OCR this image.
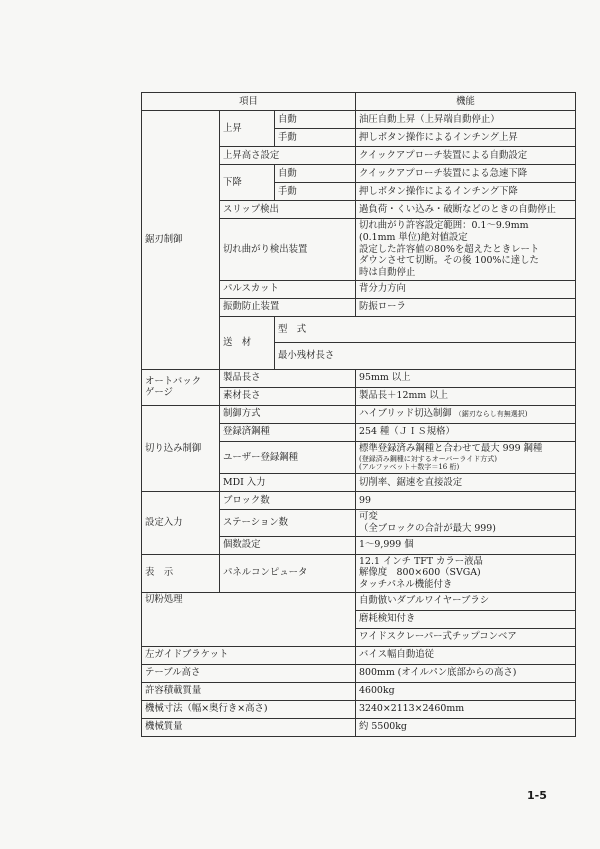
項目			機能	
鋸刃制御	上昇	自動	油圧自動上昇（上昇端自動停止）	
		手動	押しボタン操作によるインチング上昇	
	上昇高さ設定		クイックアプローチ装置による自動設定	
	下降	自動	クイックアプローチ装置による急速下降	
		手動	押しボタン操作によるインチング下降	
	スリップ検出		過負荷・くい込み・破断などのときの自動停止	
	切れ曲がり検出装置		切れ曲がり許容設定範囲：0.1～9.9mm
(0.1mm 単位)絶対値設定
設定した許容値の80%を超えたときレート
ダウンさせて切断。その後 100%に達した
時は自動停止	

	パルスカット		背分力方向	
	振動防止装置		防振ローラ	
	送　材	型　式	

		最小残材長さ	

オートバック
ゲージ	製品長さ		95mm 以上	
	素材長さ		製品長＋12mm 以上	
切り込み制御	制御方式		ハイブリッド切込制御 （鋸刃ならし有無選択)	
	登録済鋼種		254 種（ＪＩＳ規格）	
	ユーザー登録鋼種		標準登録済み鋼種と合わせて最大 999 鋼種
(登録済み鋼種に対するオーバーライド方式)
(アルファベット＋数字＝16 桁)	

	MDI 入力		切削率、鋸速を直接設定	
設定入力	ブロック数		99	
	ステーション数		可変
（全ブロックの合計が最大 999)	

	個数設定		1～9,999 個	
表　示	パネルコンピュータ		12.1 インチ TFT カラー液晶
解像度　800×600（SVGA)
タッチパネル機能付き	

切粉処理			自動倣いダブルワイヤーブラシ	
			磨耗検知付き	
			ワイドスクレーパー式チップコンベア	
左ガイドブラケット			バイス幅自動追従	
テーブル高さ			800mm (オイルパン底部からの高さ)	
許容積載質量			4600kg	
機械寸法（幅×奥行き×高さ)			3240×2113×2460mm	
機械質量			約 5500kg	
1-5
